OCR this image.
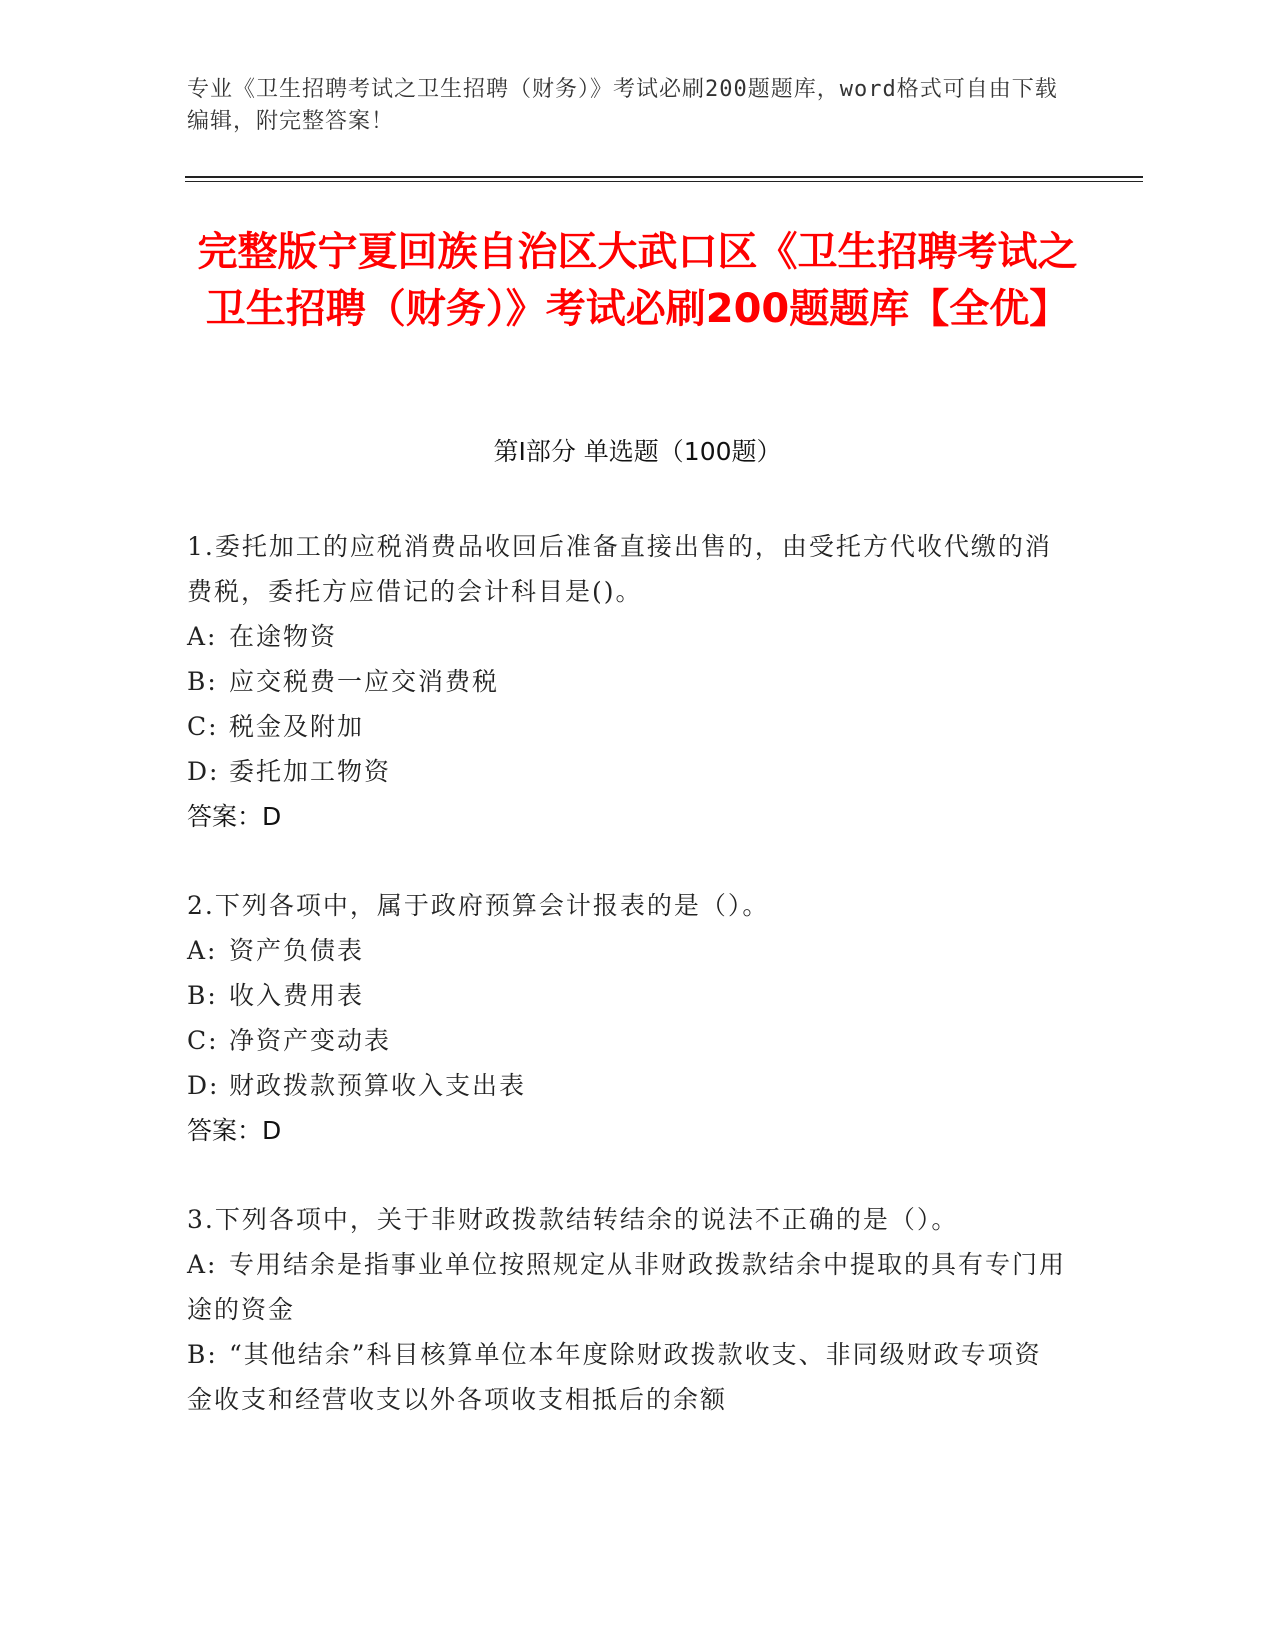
专业《卫生招聘考试之卫生招聘（财务）》考试必刷200题题库，word格式可自由下载编辑，附完整答案！
完整版宁夏回族自治区大武口区《卫生招聘考试之卫生招聘（财务）》考试必刷200题题库【全优】
第I部分 单选题（100题）

1.委托加工的应税消费品收回后准备直接出售的，由受托方代收代缴的消费税，委托方应借记的会计科目是()。

A: 在途物资

B: 应交税费一应交消费税

C: 税金及附加

D: 委托加工物资

答案：D

2.下列各项中，属于政府预算会计报表的是（）。

A: 资产负债表

B: 收入费用表

C: 净资产变动表

D: 财政拨款预算收入支出表

答案：D

3.下列各项中，关于非财政拨款结转结余的说法不正确的是（）。

A: 专用结余是指事业单位按照规定从非财政拨款结余中提取的具有专门用途的资金

B: “其他结余”科目核算单位本年度除财政拨款收支、非同级财政专项资金收支和经营收支以外各项收支相抵后的余额
